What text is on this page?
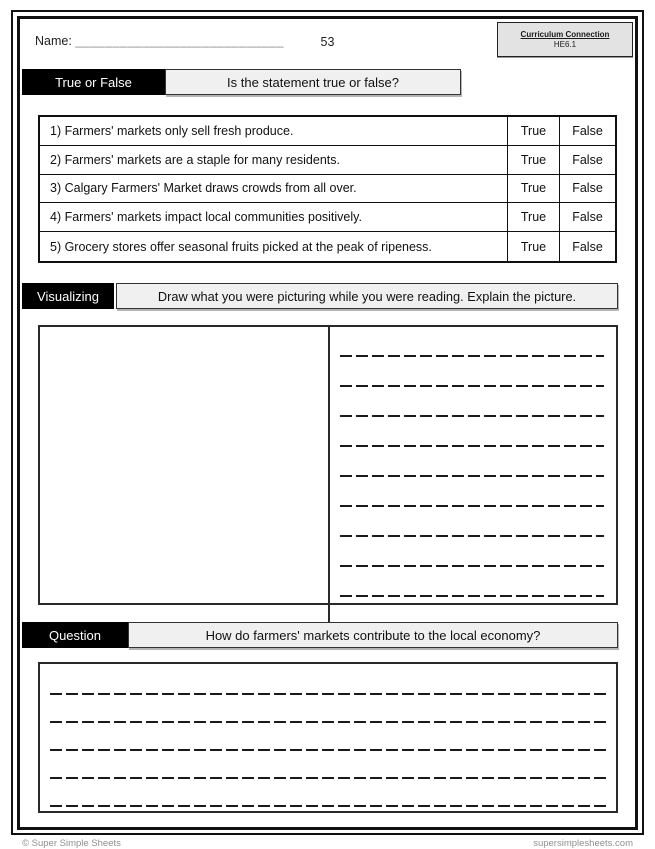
Name: ____________________________	53
Curriculum Connection
HE6.1
True or False	Is the statement true or false?
1) Farmers' markets only sell fresh produce.	True	False
2) Farmers' markets are a staple for many residents.	True	False
3) Calgary Farmers' Market draws crowds from all over.	True	False
4) Farmers' markets impact local communities positively.	True	False
5) Grocery stores offer seasonal fruits picked at the peak of ripeness.	True	False
Visualizing	Draw what you were picturing while you were reading. Explain the picture.
Question	How do farmers' markets contribute to the local economy?
© Super Simple Sheets	supersimplesheets.com
